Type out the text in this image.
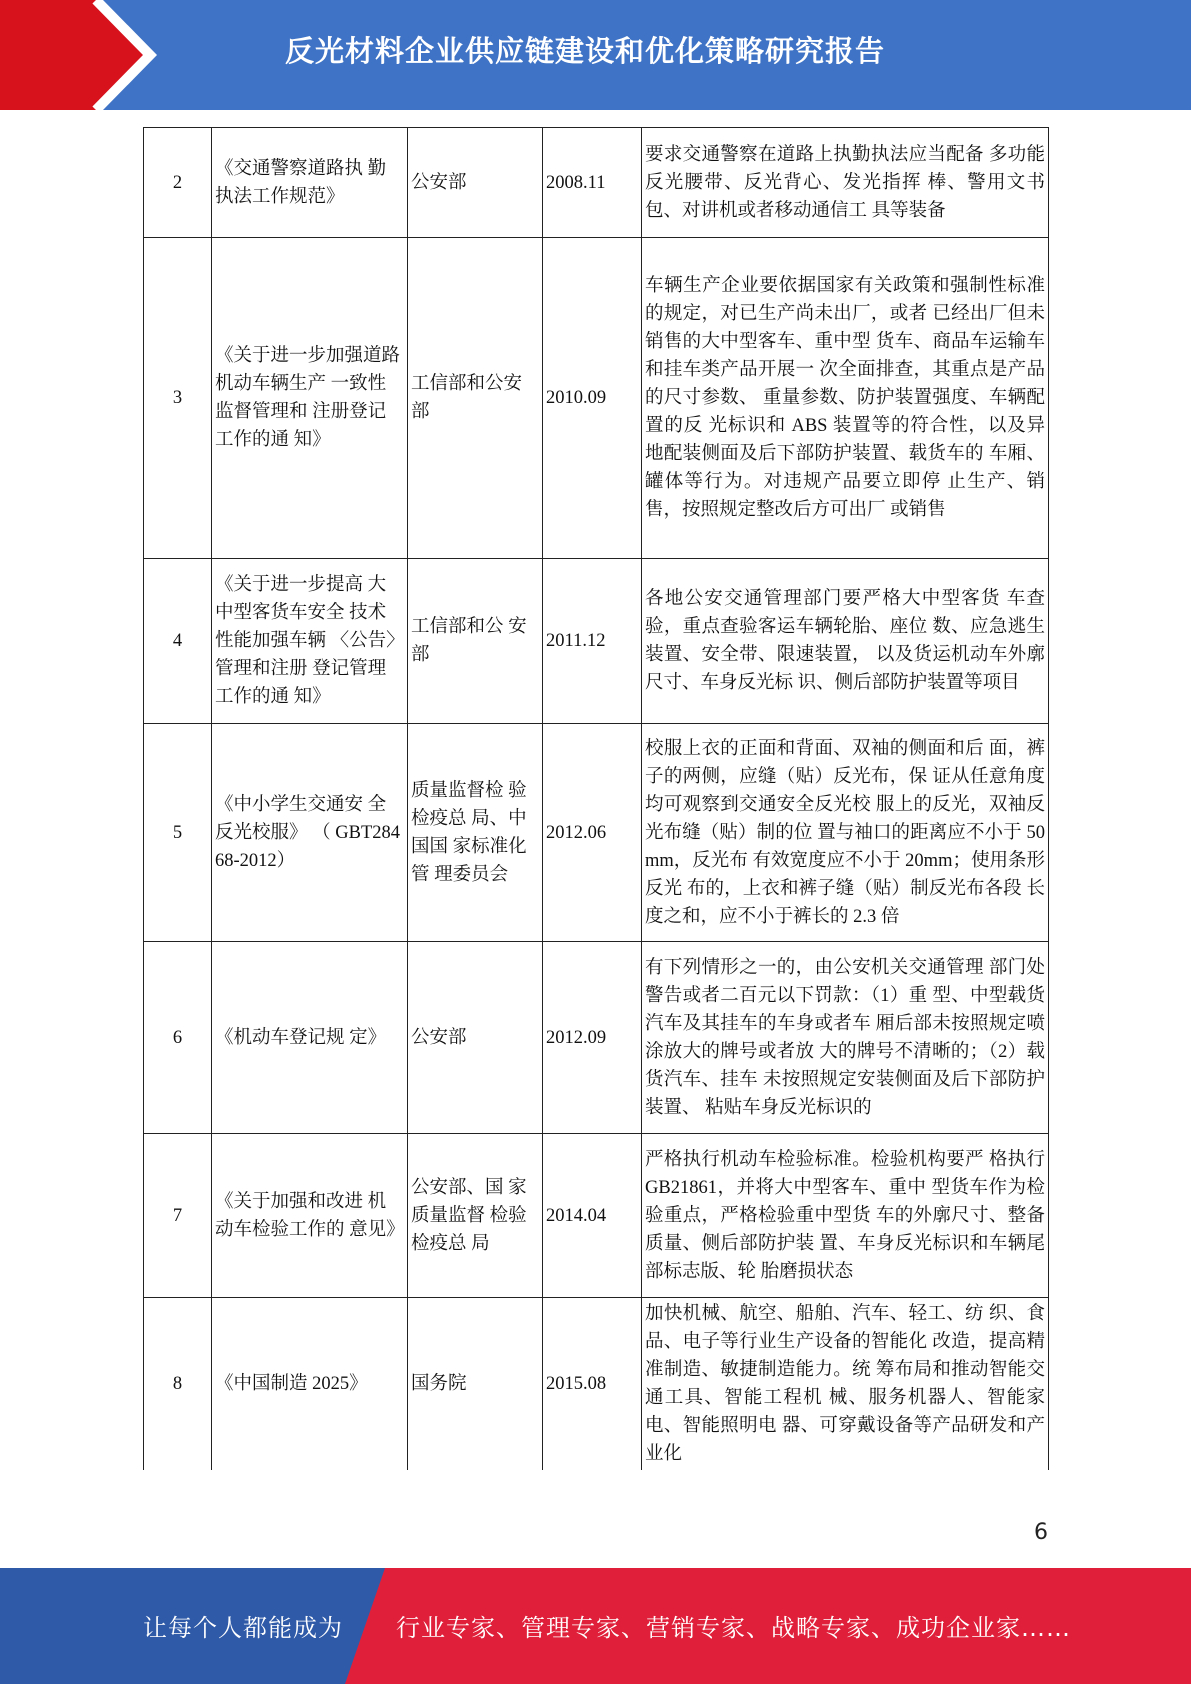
反光材料企业供应链建设和优化策略研究报告
2	《交通警察道路执 勤执法工作规范》	公安部	2008.11	要求交通警察在道路上执勤执法应当配备 多功能反光腰带、反光背心、发光指挥 棒、警用文书包、对讲机或者移动通信工 具等装备
3	《关于进一步加强道路机动车辆生产 一致性监督管理和 注册登记工作的通 知》	工信部和公安部	2010.09	车辆生产企业要依据国家有关政策和强制性标准的规定，对已生产尚未出厂，或者 已经出厂但未销售的大中型客车、重中型 货车、商品车运输车和挂车类产品开展一 次全面排查，其重点是产品的尺寸参数、 重量参数、防护装置强度、车辆配置的反 光标识和 ABS 装置等的符合性，以及异 地配装侧面及后下部防护装置、载货车的 车厢、罐体等行为。对违规产品要立即停 止生产、销售，按照规定整改后方可出厂 或销售
4	《关于进一步提高 大中型客货车安全 技术性能加强车辆 〈公告〉管理和注册 登记管理工作的通 知》	工信部和公 安部	2011.12	各地公安交通管理部门要严格大中型客货 车查验，重点查验客运车辆轮胎、座位 数、应急逃生装置、安全带、限速装置， 以及货运机动车外廓尺寸、车身反光标 识、侧后部防护装置等项目
5	《中小学生交通安 全反光校服》 （ GBT28468-2012）	质量监督检 验检疫总 局、中国国 家标准化管 理委员会	2012.06	校服上衣的正面和背面、双袖的侧面和后 面，裤子的两侧，应缝（贴）反光布，保 证从任意角度均可观察到交通安全反光校 服上的反光，双袖反光布缝（贴）制的位 置与袖口的距离应不小于 50mm，反光布 有效宽度应不小于 20mm；使用条形反光 布的，上衣和裤子缝（贴）制反光布各段 长度之和，应不小于裤长的 2.3 倍
6	《机动车登记规 定》	公安部	2012.09	有下列情形之一的，由公安机关交通管理 部门处警告或者二百元以下罚款：（1）重 型、中型载货汽车及其挂车的车身或者车 厢后部未按照规定喷涂放大的牌号或者放 大的牌号不清晰的；（2）载货汽车、挂车 未按照规定安装侧面及后下部防护装置、 粘贴车身反光标识的
7	《关于加强和改进 机动车检验工作的 意见》	公安部、国 家质量监督 检验检疫总 局	2014.04	严格执行机动车检验标准。检验机构要严 格执行 GB21861，并将大中型客车、重中 型货车作为检验重点，严格检验重中型货 车的外廓尺寸、整备质量、侧后部防护装 置、车身反光标识和车辆尾部标志版、轮 胎磨损状态
8	《中国制造 2025》	国务院	2015.08	加快机械、航空、船舶、汽车、轻工、纺 织、食品、电子等行业生产设备的智能化 改造，提高精准制造、敏捷制造能力。统 筹布局和推动智能交通工具、智能工程机 械、服务机器人、智能家电、智能照明电 器、可穿戴设备等产品研发和产业化
6
让每个人都能成为 行业专家、管理专家、营销专家、战略专家、成功企业家……
